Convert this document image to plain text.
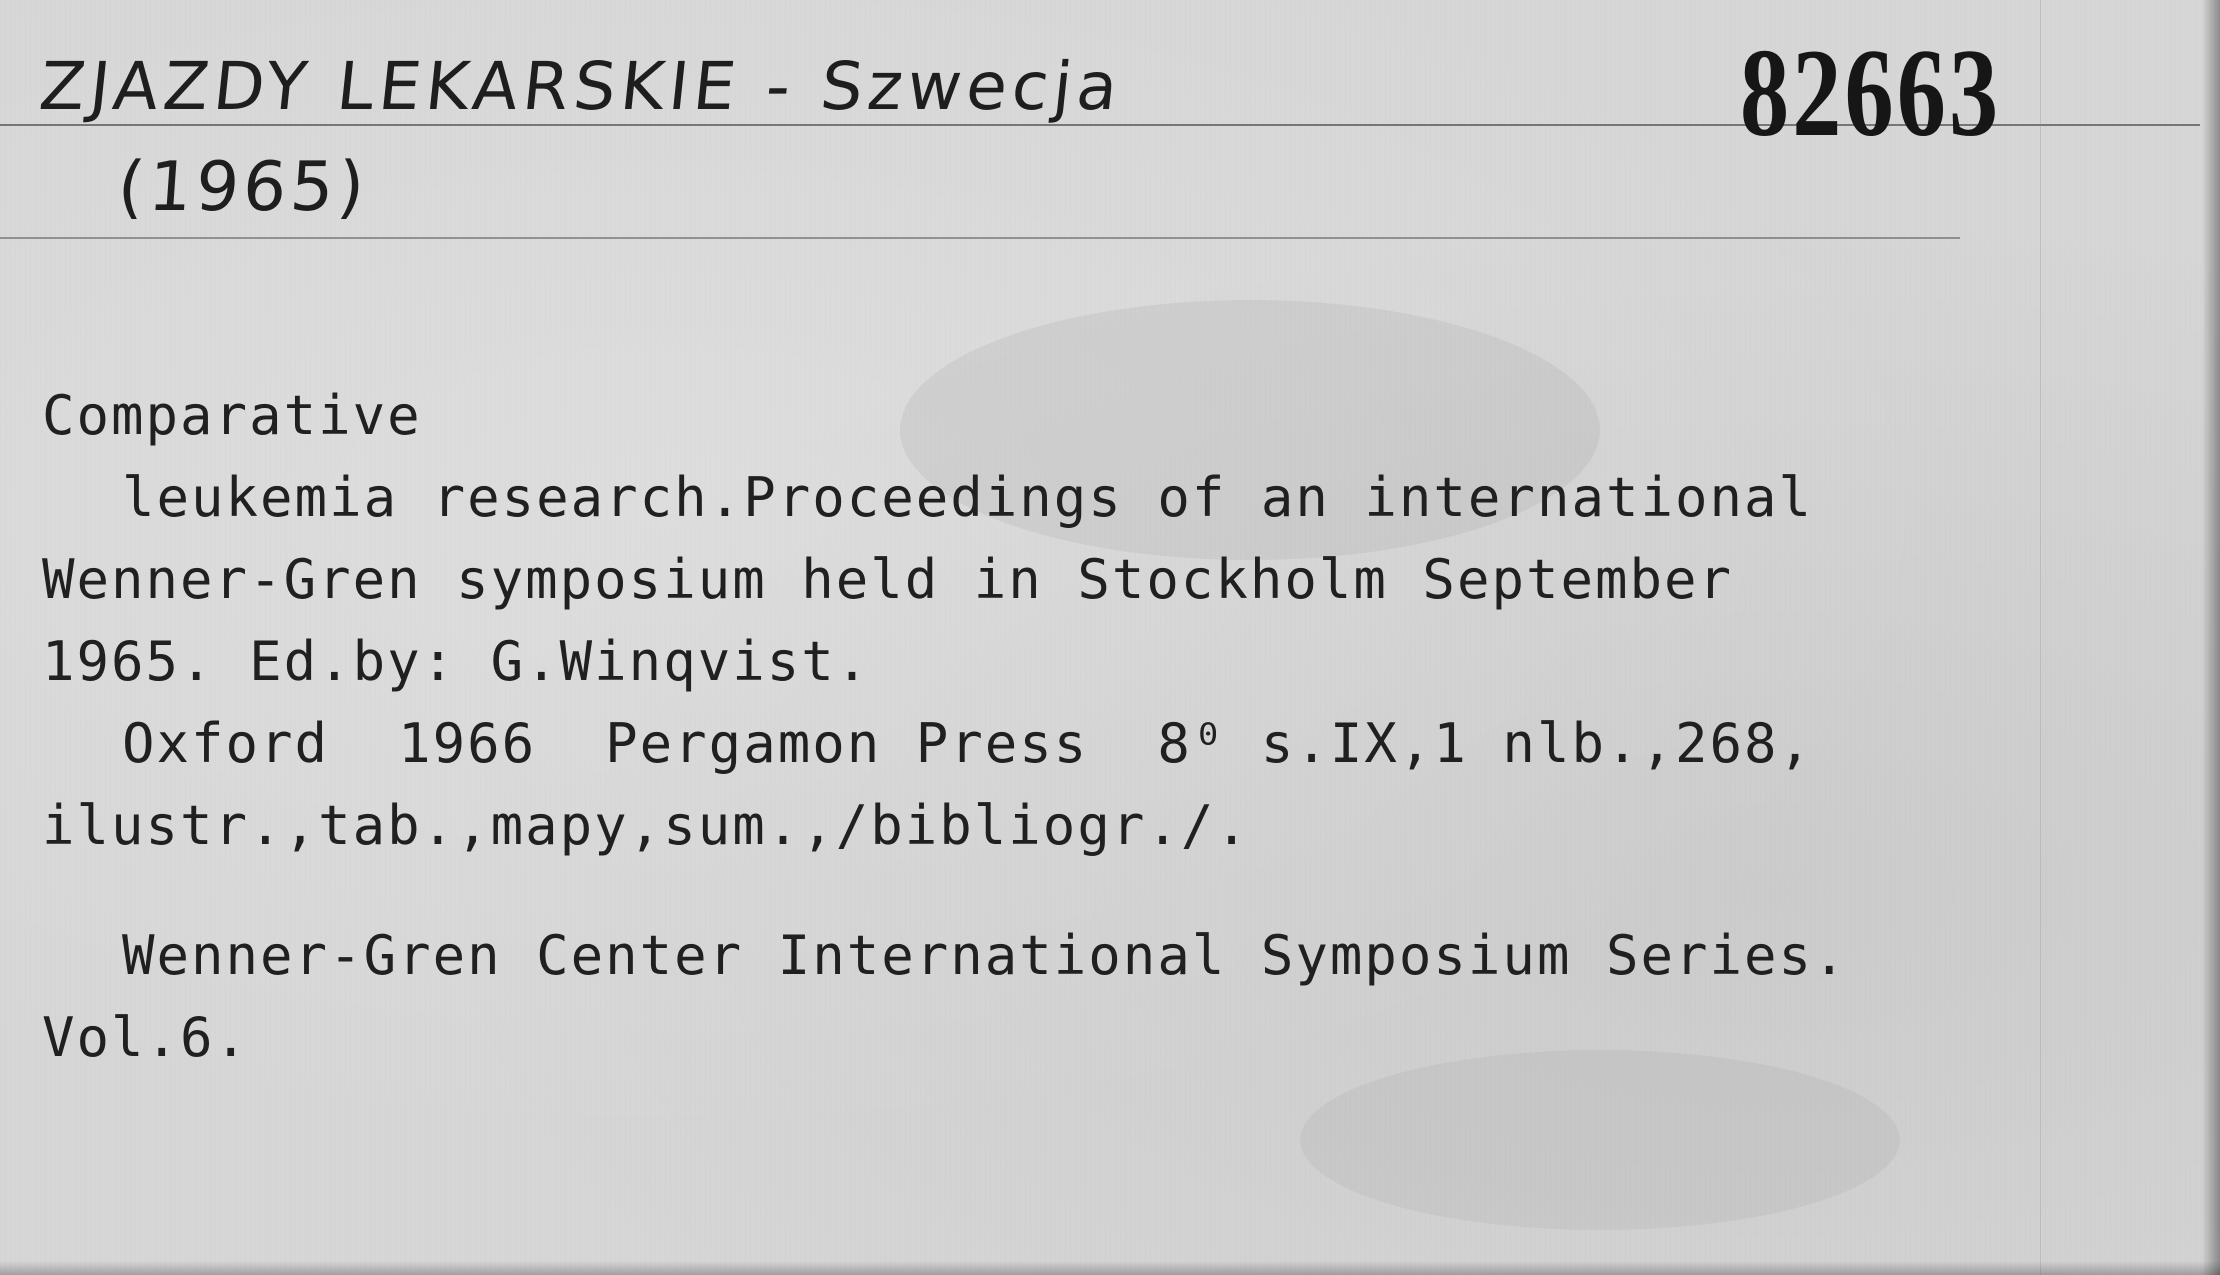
ZJAZDY LEKARSKIE - Szwecja
(1965)
82663
Comparative
leukemia research.Proceedings of an international
Wenner-Gren symposium held in Stockholm September
1965. Ed.by: G.Winqvist.
Oxford  1966  Pergamon Press  8⁰ s.IX,1 nlb.,268,
ilustr.,tab.,mapy,sum.,/bibliogr./.
Wenner-Gren Center International Symposium Series.
Vol.6.
